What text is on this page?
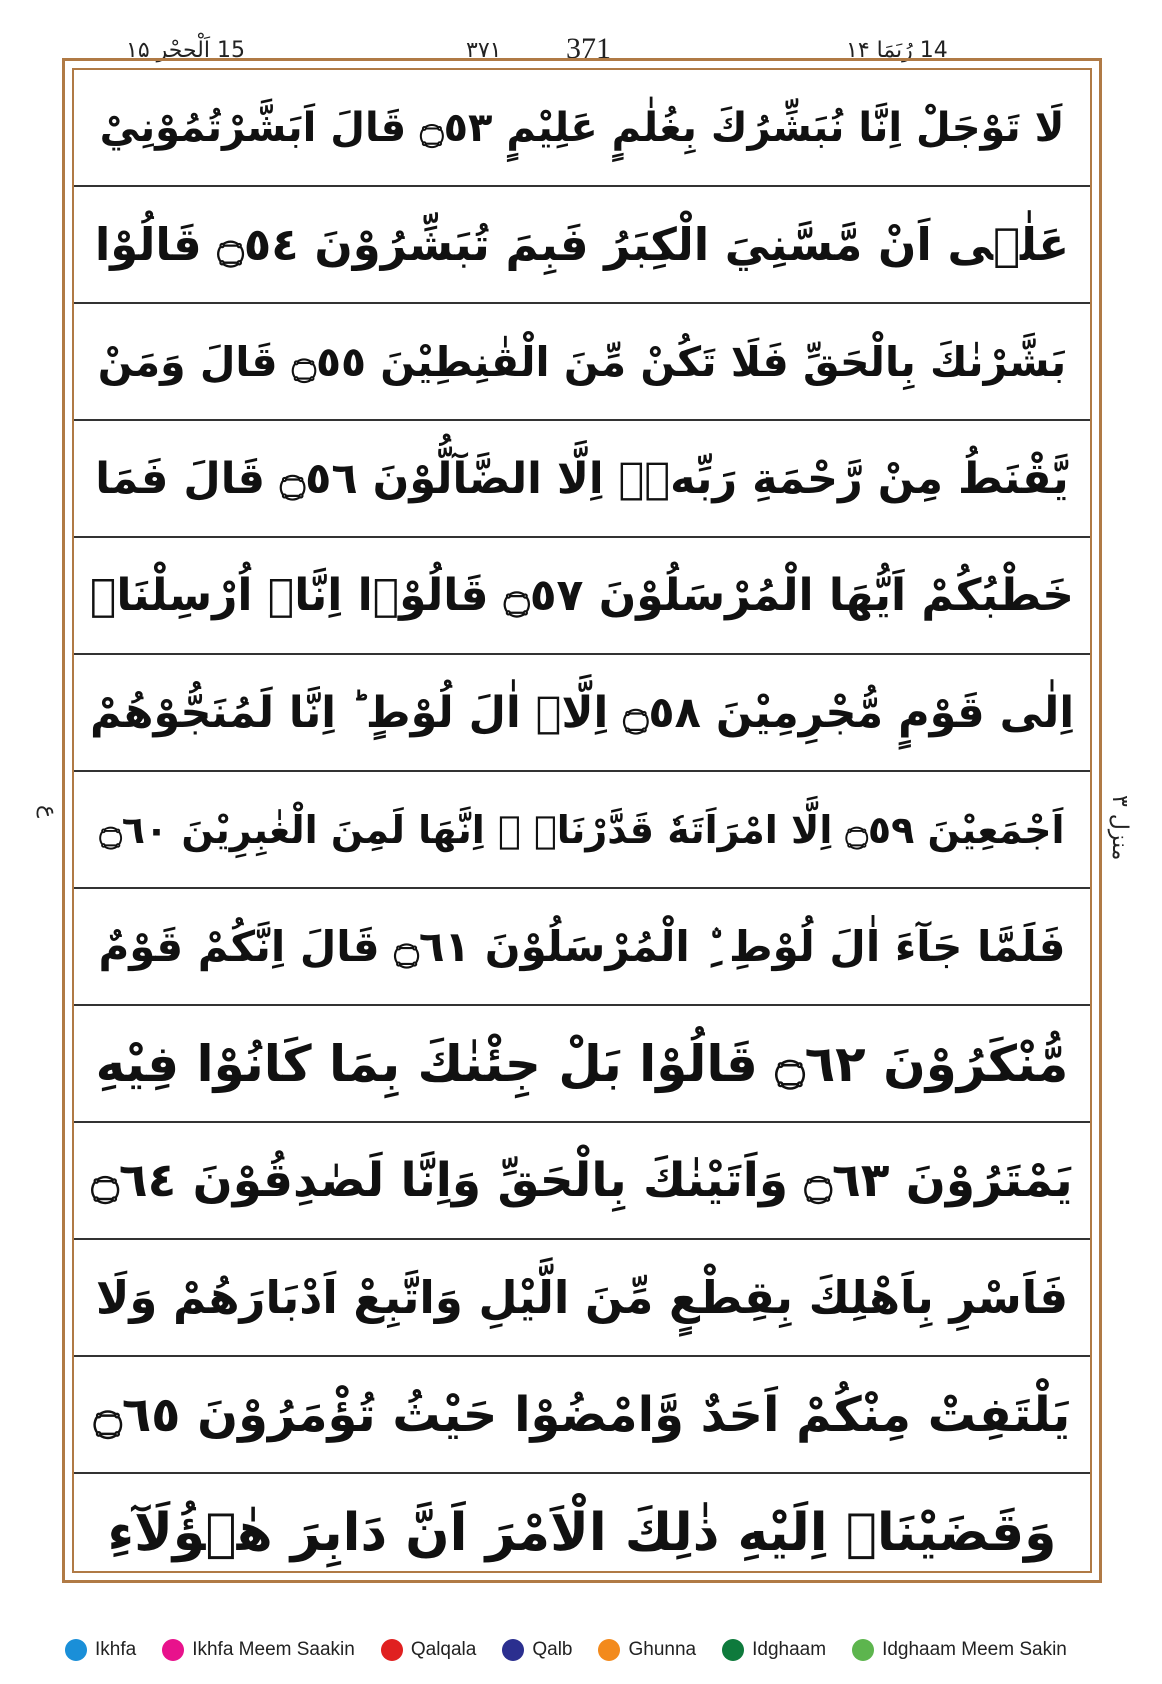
15 اَلْحِجْر ۱۵	۳۷۱ 371	14 رُبَمَا ۱۴
لَا تَوْجَلْ اِنَّا نُبَشِّرُكَ بِغُلٰمٍ عَلِيْمٍ ۝٥٣ قَالَ اَبَشَّرْتُمُوْنِيْ
عَلٰۤى اَنْ مَّسَّنِيَ الْكِبَرُ فَبِمَ تُبَشِّرُوْنَ ۝٥٤ قَالُوْا
بَشَّرْنٰكَ بِالْحَقِّ فَلَا تَكُنْ مِّنَ الْقٰنِطِيْنَ ۝٥٥ قَالَ وَمَنْ
يَّقْنَطُ مِنْ رَّحْمَةِ رَبِّهٖۤ اِلَّا الضَّآلُّوْنَ ۝٥٦ قَالَ فَمَا
خَطْبُكُمْ اَيُّهَا الْمُرْسَلُوْنَ ۝٥٧ قَالُوْۤا اِنَّاۤ اُرْسِلْنَاۤ
اِلٰى قَوْمٍ مُّجْرِمِيْنَ ۝٥٨ اِلَّاۤ اٰلَ لُوْطٍ ؕ اِنَّا لَمُنَجُّوْهُمْ
اَجْمَعِيْنَ ۝٥٩ اِلَّا امْرَاَتَهٗ قَدَّرْنَاۤ ۙ اِنَّهَا لَمِنَ الْغٰبِرِيْنَ ۝٦٠
فَلَمَّا جَآءَ اٰلَ لُوْطِ ِۨ الْمُرْسَلُوْنَ ۝٦١ قَالَ اِنَّكُمْ قَوْمٌ
مُّنْكَرُوْنَ ۝٦٢ قَالُوْا بَلْ جِئْنٰكَ بِمَا كَانُوْا فِيْهِ
يَمْتَرُوْنَ ۝٦٣ وَاَتَيْنٰكَ بِالْحَقِّ وَاِنَّا لَصٰدِقُوْنَ ۝٦٤
فَاَسْرِ بِاَهْلِكَ بِقِطْعٍ مِّنَ الَّيْلِ وَاتَّبِعْ اَدْبَارَهُمْ وَلَا
يَلْتَفِتْ مِنْكُمْ اَحَدٌ وَّامْضُوْا حَيْثُ تُؤْمَرُوْنَ ۝٦٥
وَقَضَيْنَاۤ اِلَيْهِ ذٰلِكَ الْاَمْرَ اَنَّ دَابِرَ هٰۤؤُلَآءِ
منزل ۳
ع
Ikhfa	Ikhfa Meem Saakin	Qalqala	Qalb	Ghunna	Idghaam	Idghaam Meem Sakin
